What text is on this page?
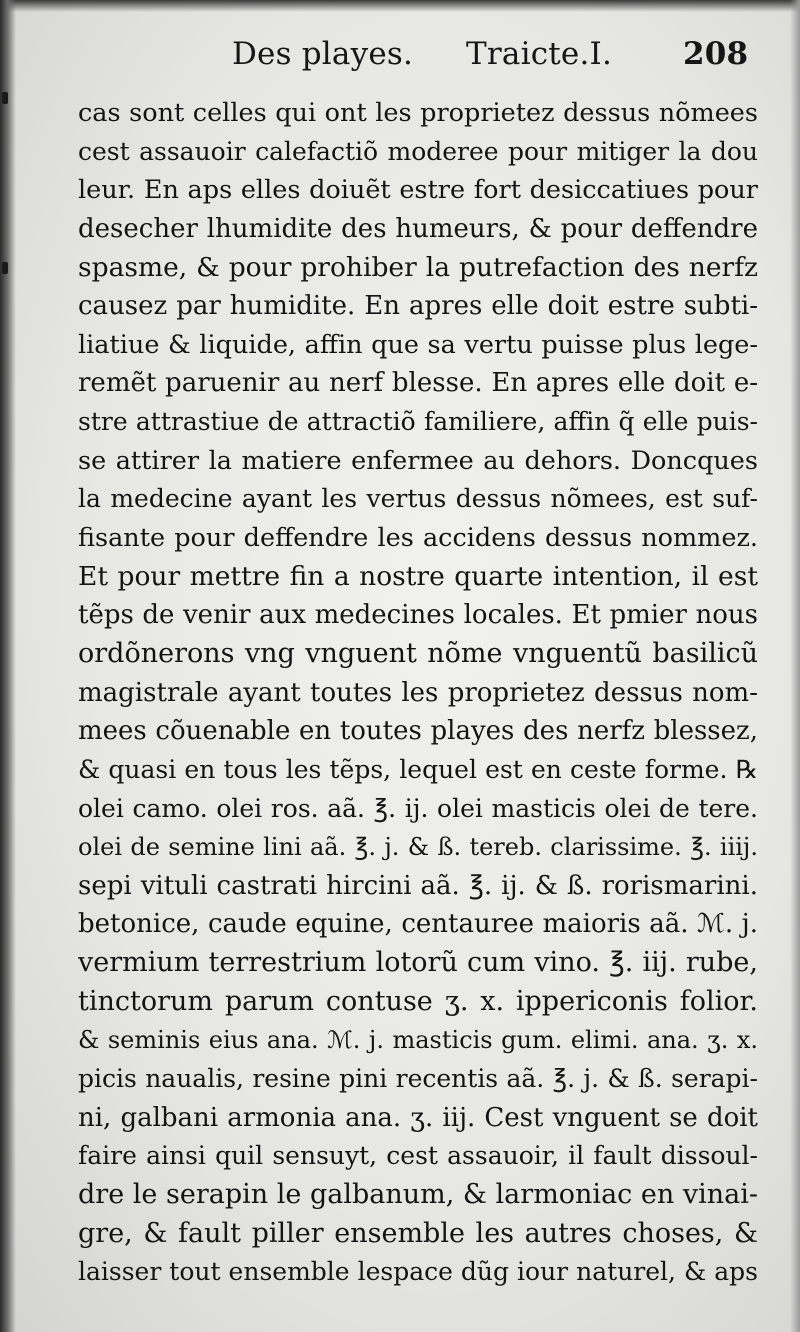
Des playes. Traicte.I. 208
cas sont celles qui ont les proprietez dessus nõmees
cest assauoir calefactiõ moderee pour mitiger la dou
leur. En aps elles doiuẽt estre fort desiccatiues pour
desecher lhumidite des humeurs, & pour deffendre
spasme, & pour prohiber la putrefaction des nerfz
causez par humidite. En apres elle doit estre subti-
liatiue & liquide, affin que sa vertu puisse plus lege-
remẽt paruenir au nerf blesse. En apres elle doit e-
stre attrastiue de attractiõ familiere, affin q̃ elle puis-
se attirer la matiere enfermee au dehors. Doncques
la medecine ayant les vertus dessus nõmees, est suf-
fisante pour deffendre les accidens dessus nommez.
Et pour mettre fin a nostre quarte intention, il est
tẽps de venir aux medecines locales. Et pmier nous
ordõnerons vng vnguent nõme vnguentũ basilicũ
magistrale ayant toutes les proprietez dessus nom-
mees cõuenable en toutes playes des nerfz blessez,
& quasi en tous les tẽps, lequel est en ceste forme. ℞
olei camo. olei ros. aã. ℥. ij. olei masticis olei de tere.
olei de semine lini aã. ℥. j. & ß. tereb. clarissime. ℥. iiij.
sepi vituli castrati hircini aã. ℥. ij. & ß. rorismarini.
betonice, caude equine, centauree maioris aã. ℳ. j.
vermium terrestrium lotorũ cum vino. ℥. iij. rube,
tinctorum parum contuse ʒ. x. ippericonis folior.
& seminis eius ana. ℳ. j. masticis gum. elimi. ana. ʒ. x.
picis naualis, resine pini recentis aã. ℥. j. & ß. serapi-
ni, galbani armonia ana. ʒ. iij. Cest vnguent se doit
faire ainsi quil sensuyt, cest assauoir, il fault dissoul-
dre le serapin le galbanum, & larmoniac en vinai-
gre, & fault piller ensemble les autres choses, &
laisser tout ensemble lespace dũg iour naturel, & aps
